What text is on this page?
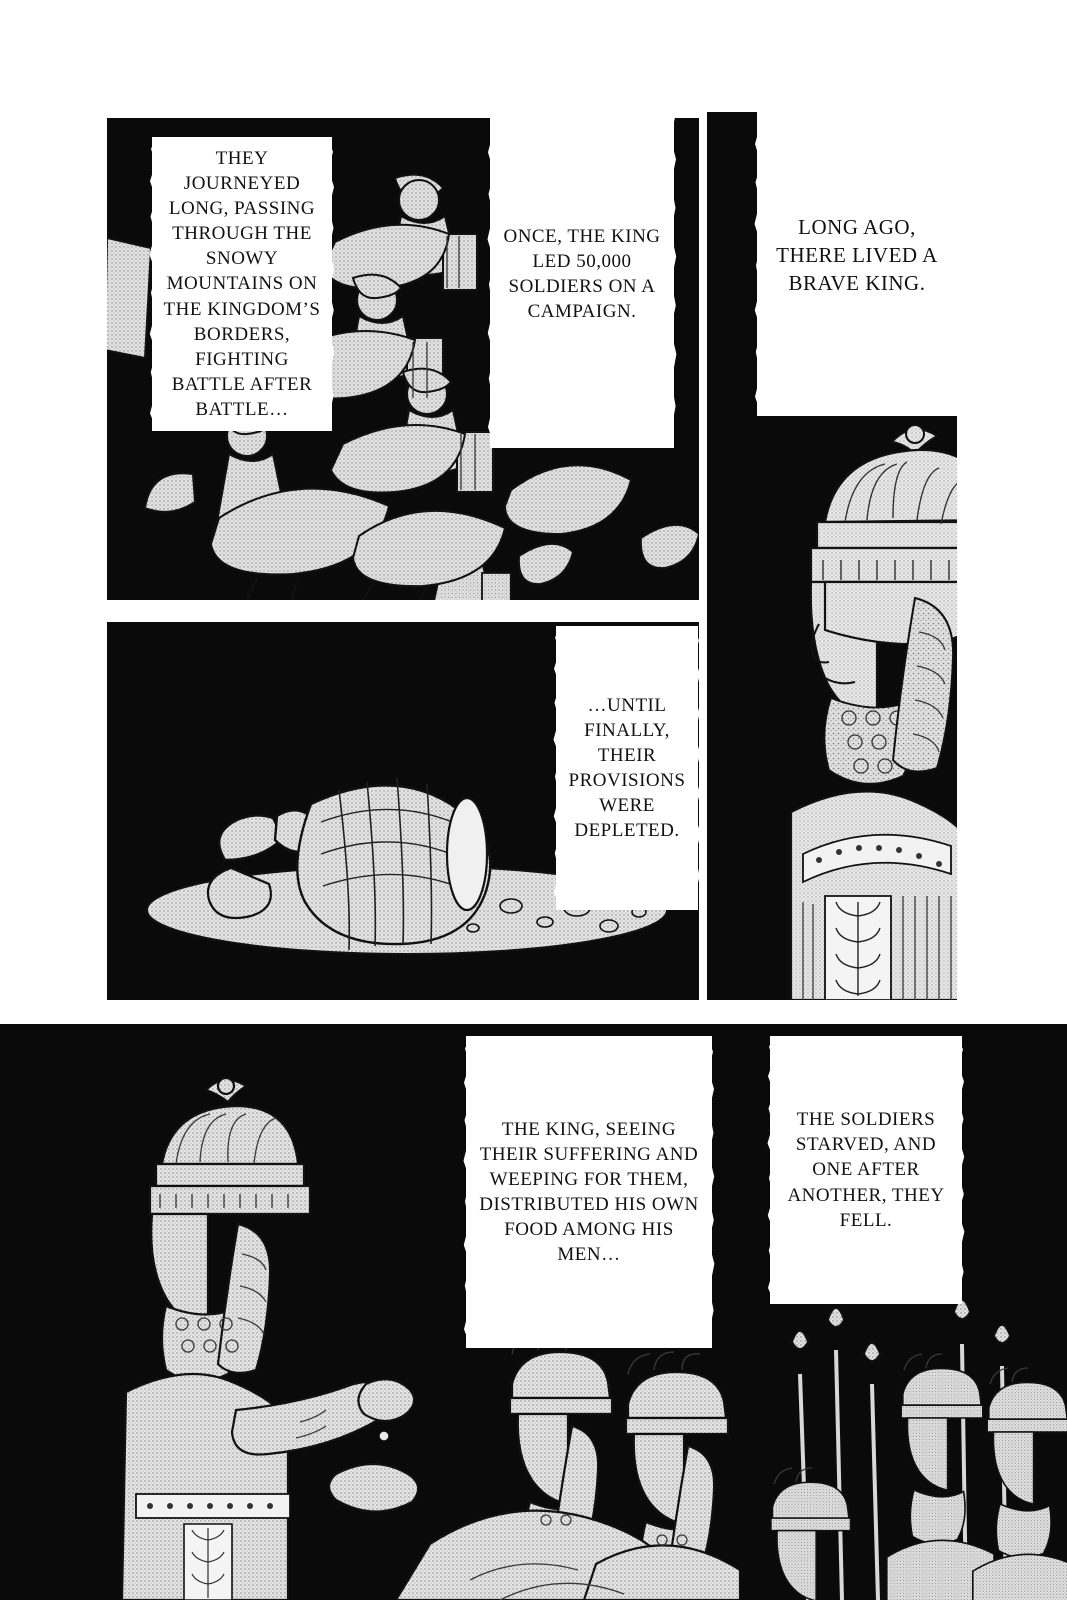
LONG AGO, THERE LIVED A BRAVE KING.
THEY JOURNEYED LONG, PASSING THROUGH THE SNOWY MOUNTAINS ON THE KINGDOM’S BORDERS, FIGHTING BATTLE AFTER BATTLE…
ONCE, THE KING LED 50,000 SOLDIERS ON A CAMPAIGN.
…UNTIL FINALLY, THEIR PROVISIONS WERE DEPLETED.
THE KING, SEEING THEIR SUFFERING AND WEEPING FOR THEM, DISTRIBUTED HIS OWN FOOD AMONG HIS MEN…
THE SOLDIERS STARVED, AND ONE AFTER ANOTHER, THEY FELL.
